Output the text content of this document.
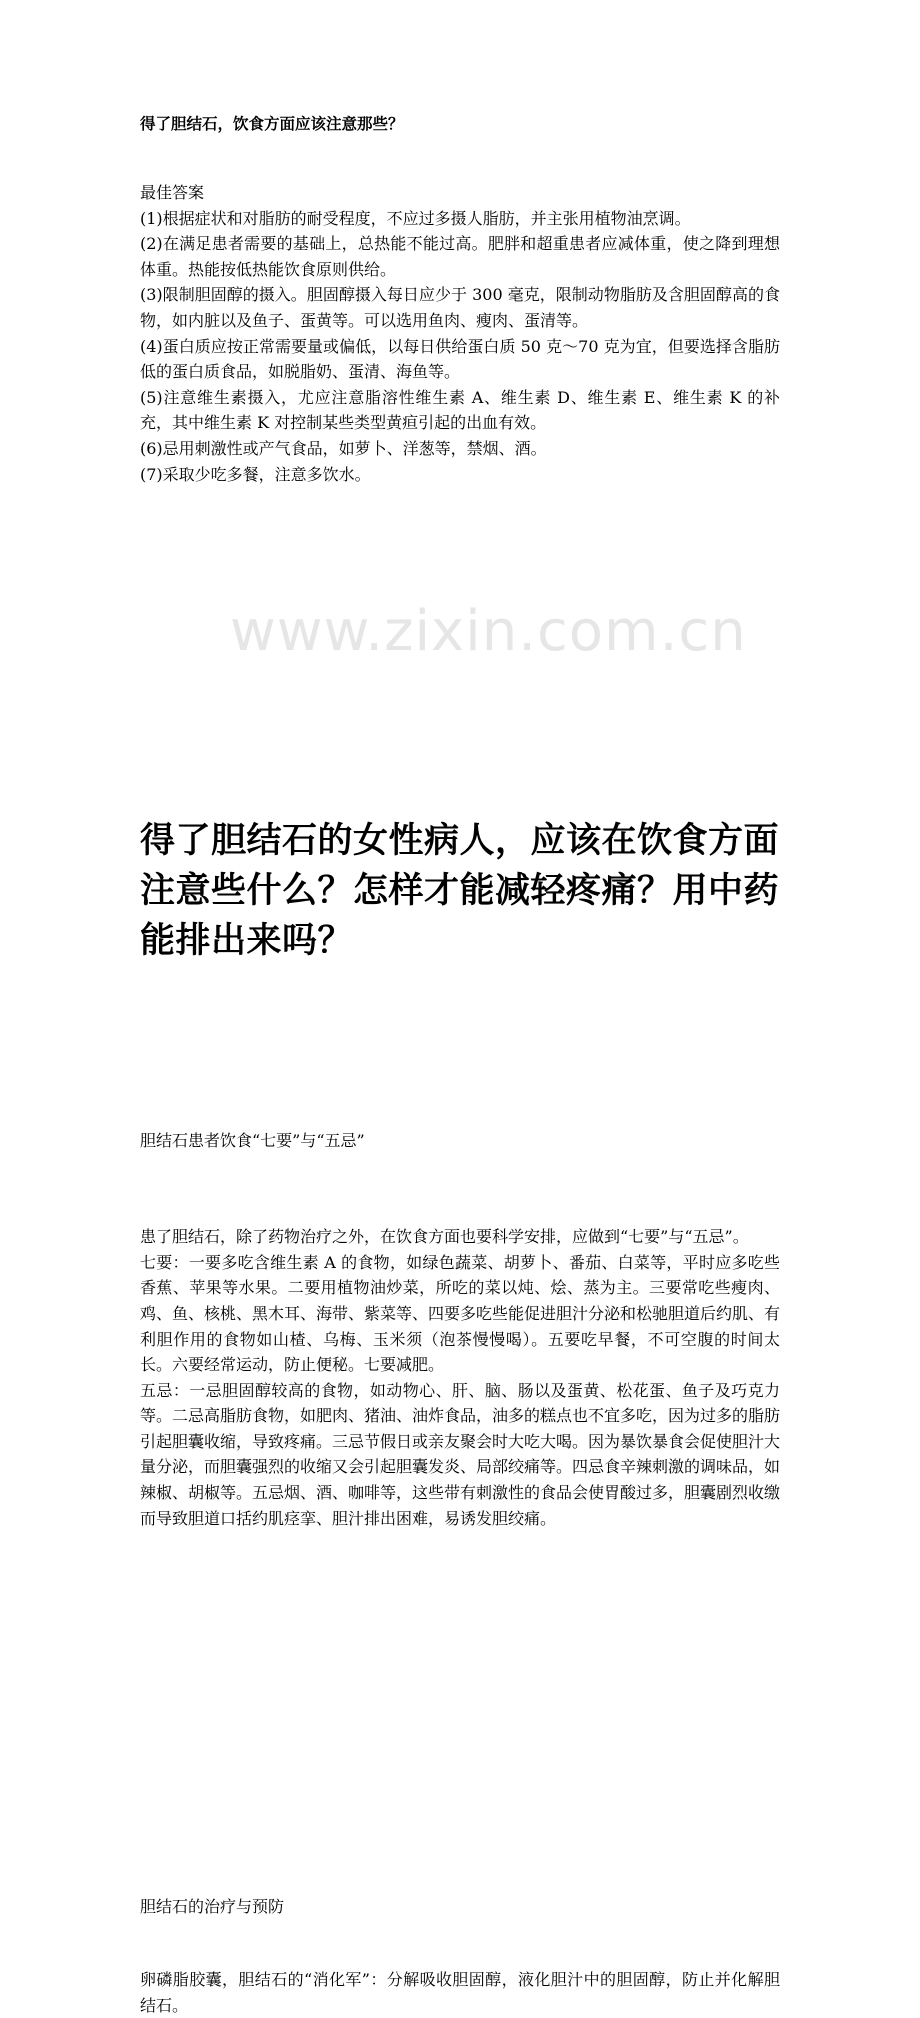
得了胆结石，饮食方面应该注意那些？

最佳答案

(1)根据症状和对脂肪的耐受程度，不应过多摄人脂肪，并主张用植物油烹调。

(2)在满足患者需要的基础上，总热能不能过高。肥胖和超重患者应减体重，使之降到理想体重。热能按低热能饮食原则供给。

(3)限制胆固醇的摄入。胆固醇摄入每日应少于 300 毫克，限制动物脂肪及含胆固醇高的食物，如内脏以及鱼子、蛋黄等。可以选用鱼肉、瘦肉、蛋清等。

(4)蛋白质应按正常需要量或偏低，以每日供给蛋白质 50 克～70 克为宜，但要选择含脂肪低的蛋白质食品，如脱脂奶、蛋清、海鱼等。

(5)注意维生素摄入，尤应注意脂溶性维生素 A、维生素 D、维生素 E、维生素 K 的补充，其中维生素 K 对控制某些类型黄疸引起的出血有效。

(6)忌用刺激性或产气食品，如萝卜、洋葱等，禁烟、酒。

(7)采取少吃多餐，注意多饮水。

得了胆结石的女性病人，应该在饮食方面注意些什么？怎样才能减轻疼痛？用中药能排出来吗？
www.zixin.com.cn

胆结石患者饮食“七要”与“五忌”

患了胆结石，除了药物治疗之外，在饮食方面也要科学安排，应做到“七要”与“五忌”。

七要：一要多吃含维生素 A 的食物，如绿色蔬菜、胡萝卜、番茄、白菜等，平时应多吃些香蕉、苹果等水果。二要用植物油炒菜，所吃的菜以炖、烩、蒸为主。三要常吃些瘦肉、鸡、鱼、核桃、黑木耳、海带、紫菜等、四要多吃些能促进胆汁分泌和松驰胆道后约肌、有利胆作用的食物如山楂、乌梅、玉米须（泡茶慢慢喝）。五要吃早餐，不可空腹的时间太长。六要经常运动，防止便秘。七要减肥。

五忌：一忌胆固醇较高的食物，如动物心、肝、脑、肠以及蛋黄、松花蛋、鱼子及巧克力等。二忌高脂肪食物，如肥肉、猪油、油炸食品，油多的糕点也不宜多吃，因为过多的脂肪引起胆囊收缩，导致疼痛。三忌节假日或亲友聚会时大吃大喝。因为暴饮暴食会促使胆汁大量分泌，而胆囊强烈的收缩又会引起胆囊发炎、局部绞痛等。四忌食辛辣刺激的调味品，如辣椒、胡椒等。五忌烟、酒、咖啡等，这些带有刺激性的食品会使胃酸过多，胆囊剧烈收缴而导致胆道口括约肌痉挛、胆汁排出困难，易诱发胆绞痛。

胆结石的治疗与预防

卵磷脂胶囊，胆结石的“消化军”：分解吸收胆固醇，液化胆汁中的胆固醇，防止并化解胆结石。
